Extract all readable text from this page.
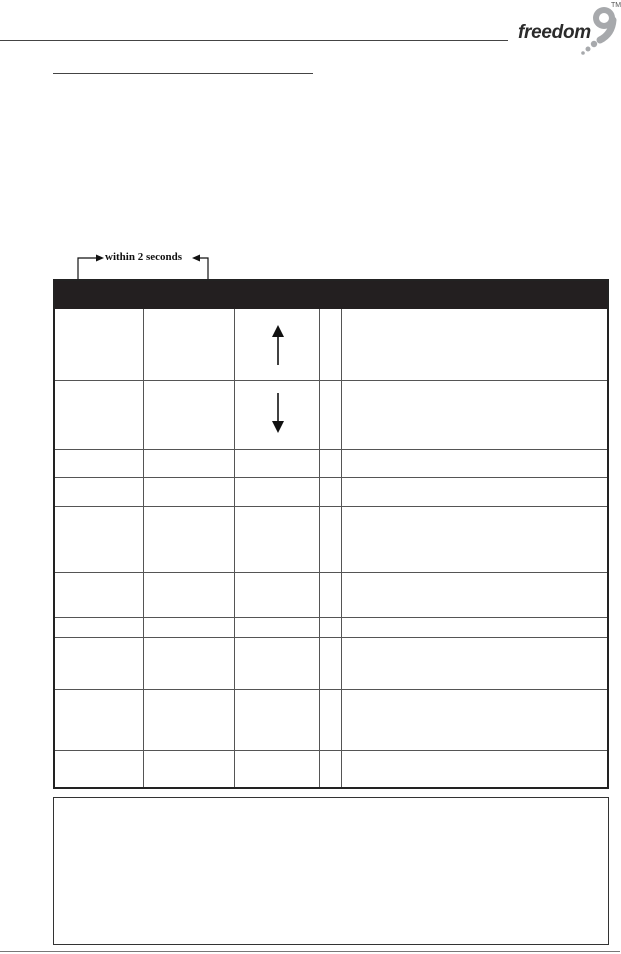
freedom
TM
within 2 seconds
